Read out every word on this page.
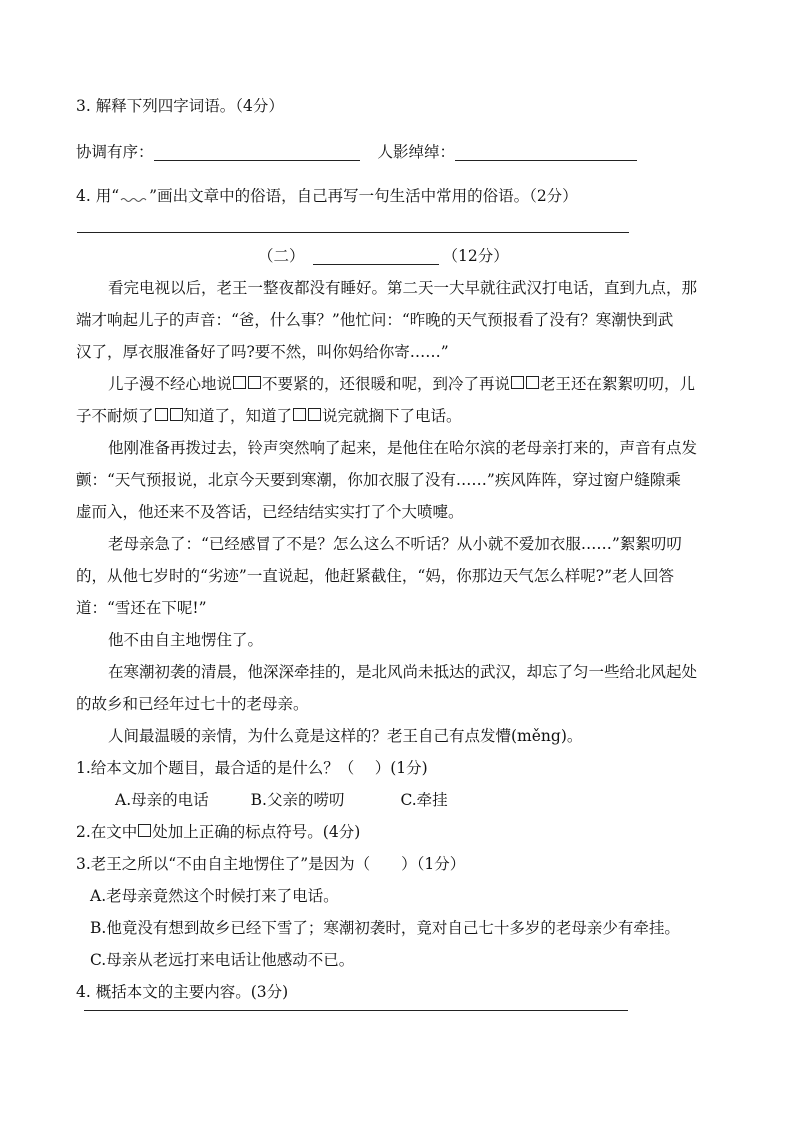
3. 解释下列四字词语。（4分）
协调有序：	人影绰绰：
4. 用“ ”画出文章中的俗语，自己再写一句生活中常用的俗语。（2分）
（二）	（12分）
看完电视以后，老王一整夜都没有睡好。第二天一大早就往武汉打电话，直到九点，那
端才响起儿子的声音：“爸，什么事？”他忙问：“昨晚的天气预报看了没有？寒潮快到武
汉了，厚衣服准备好了吗?要不然，叫你妈给你寄……”
儿子漫不经心地说 不要紧的，还很暖和呢，到冷了再说 老王还在絮絮叨叨，儿
子不耐烦了 知道了，知道了 说完就搁下了电话。
他刚准备再拨过去，铃声突然响了起来，是他住在哈尔滨的老母亲打来的，声音有点发
颤：“天气预报说，北京今天要到寒潮，你加衣服了没有……”疾风阵阵，穿过窗户缝隙乘
虚而入，他还来不及答话，已经结结实实打了个大喷嚏。
老母亲急了：“已经感冒了不是？怎么这么不听话？从小就不爱加衣服……”絮絮叨叨
的，从他七岁时的“劣迹”一直说起，他赶紧截住，“妈，你那边天气怎么样呢?”老人回答
道：“雪还在下呢!”
他不由自主地愣住了。
在寒潮初袭的清晨，他深深牵挂的，是北风尚未抵达的武汉，却忘了匀一些给北风起处
的故乡和已经年过七十的老母亲。
人间最温暖的亲情，为什么竟是这样的？老王自己有点发懵(měng)。
1.给本文加个题目，最合适的是什么？（　 ）(1分)
A.母亲的电话	B.父亲的唠叨	C.牵挂
2.在文中 处加上正确的标点符号。(4分)
3.老王之所以“不由自主地愣住了”是因为（　　）（1分）
A.老母亲竟然这个时候打来了电话。
B.他竟没有想到故乡已经下雪了；寒潮初袭时，竟对自己七十多岁的老母亲少有牵挂。
C.母亲从老远打来电话让他感动不已。
4. 概括本文的主要内容。(3分)
